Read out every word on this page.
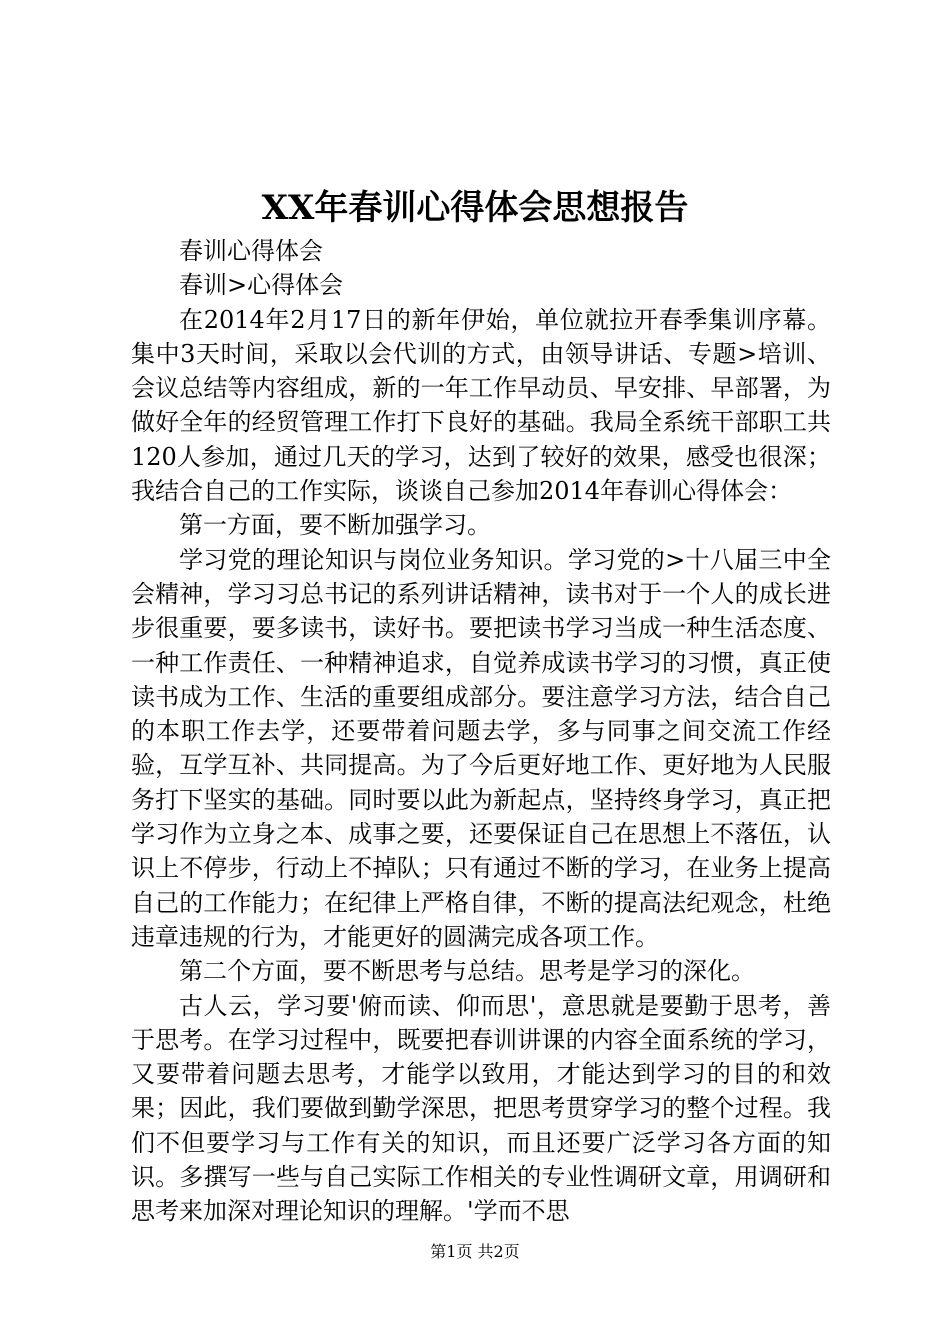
XX年春训心得体会思想报告

春训心得体会

春训>心得体会

在2014年2月17日的新年伊始，单位就拉开春季集训序幕。集中3天时间，采取以会代训的方式，由领导讲话、专题>培训、会议总结等内容组成，新的一年工作早动员、早安排、早部署，为做好全年的经贸管理工作打下良好的基础。我局全系统干部职工共120人参加，通过几天的学习，达到了较好的效果，感受也很深；我结合自己的工作实际，谈谈自己参加2014年春训心得体会：

第一方面，要不断加强学习。

学习党的理论知识与岗位业务知识。学习党的>十八届三中全会精神，学习习总书记的系列讲话精神，读书对于一个人的成长进步很重要，要多读书，读好书。要把读书学习当成一种生活态度、一种工作责任、一种精神追求，自觉养成读书学习的习惯，真正使读书成为工作、生活的重要组成部分。要注意学习方法，结合自己的本职工作去学，还要带着问题去学，多与同事之间交流工作经验，互学互补、共同提高。为了今后更好地工作、更好地为人民服务打下坚实的基础。同时要以此为新起点，坚持终身学习，真正把学习作为立身之本、成事之要，还要保证自己在思想上不落伍，认识上不停步，行动上不掉队；只有通过不断的学习，在业务上提高自己的工作能力；在纪律上严格自律，不断的提高法纪观念，杜绝违章违规的行为，才能更好的圆满完成各项工作。

第二个方面，要不断思考与总结。思考是学习的深化。

古人云，学习要'俯而读、仰而思'，意思就是要勤于思考，善于思考。在学习过程中，既要把春训讲课的内容全面系统的学习，又要带着问题去思考，才能学以致用，才能达到学习的目的和效果；因此，我们要做到勤学深思，把思考贯穿学习的整个过程。我们不但要学习与工作有关的知识，而且还要广泛学习各方面的知识。多撰写一些与自己实际工作相关的专业性调研文章，用调研和思考来加深对理论知识的理解。'学而不思

第1页 共2页
